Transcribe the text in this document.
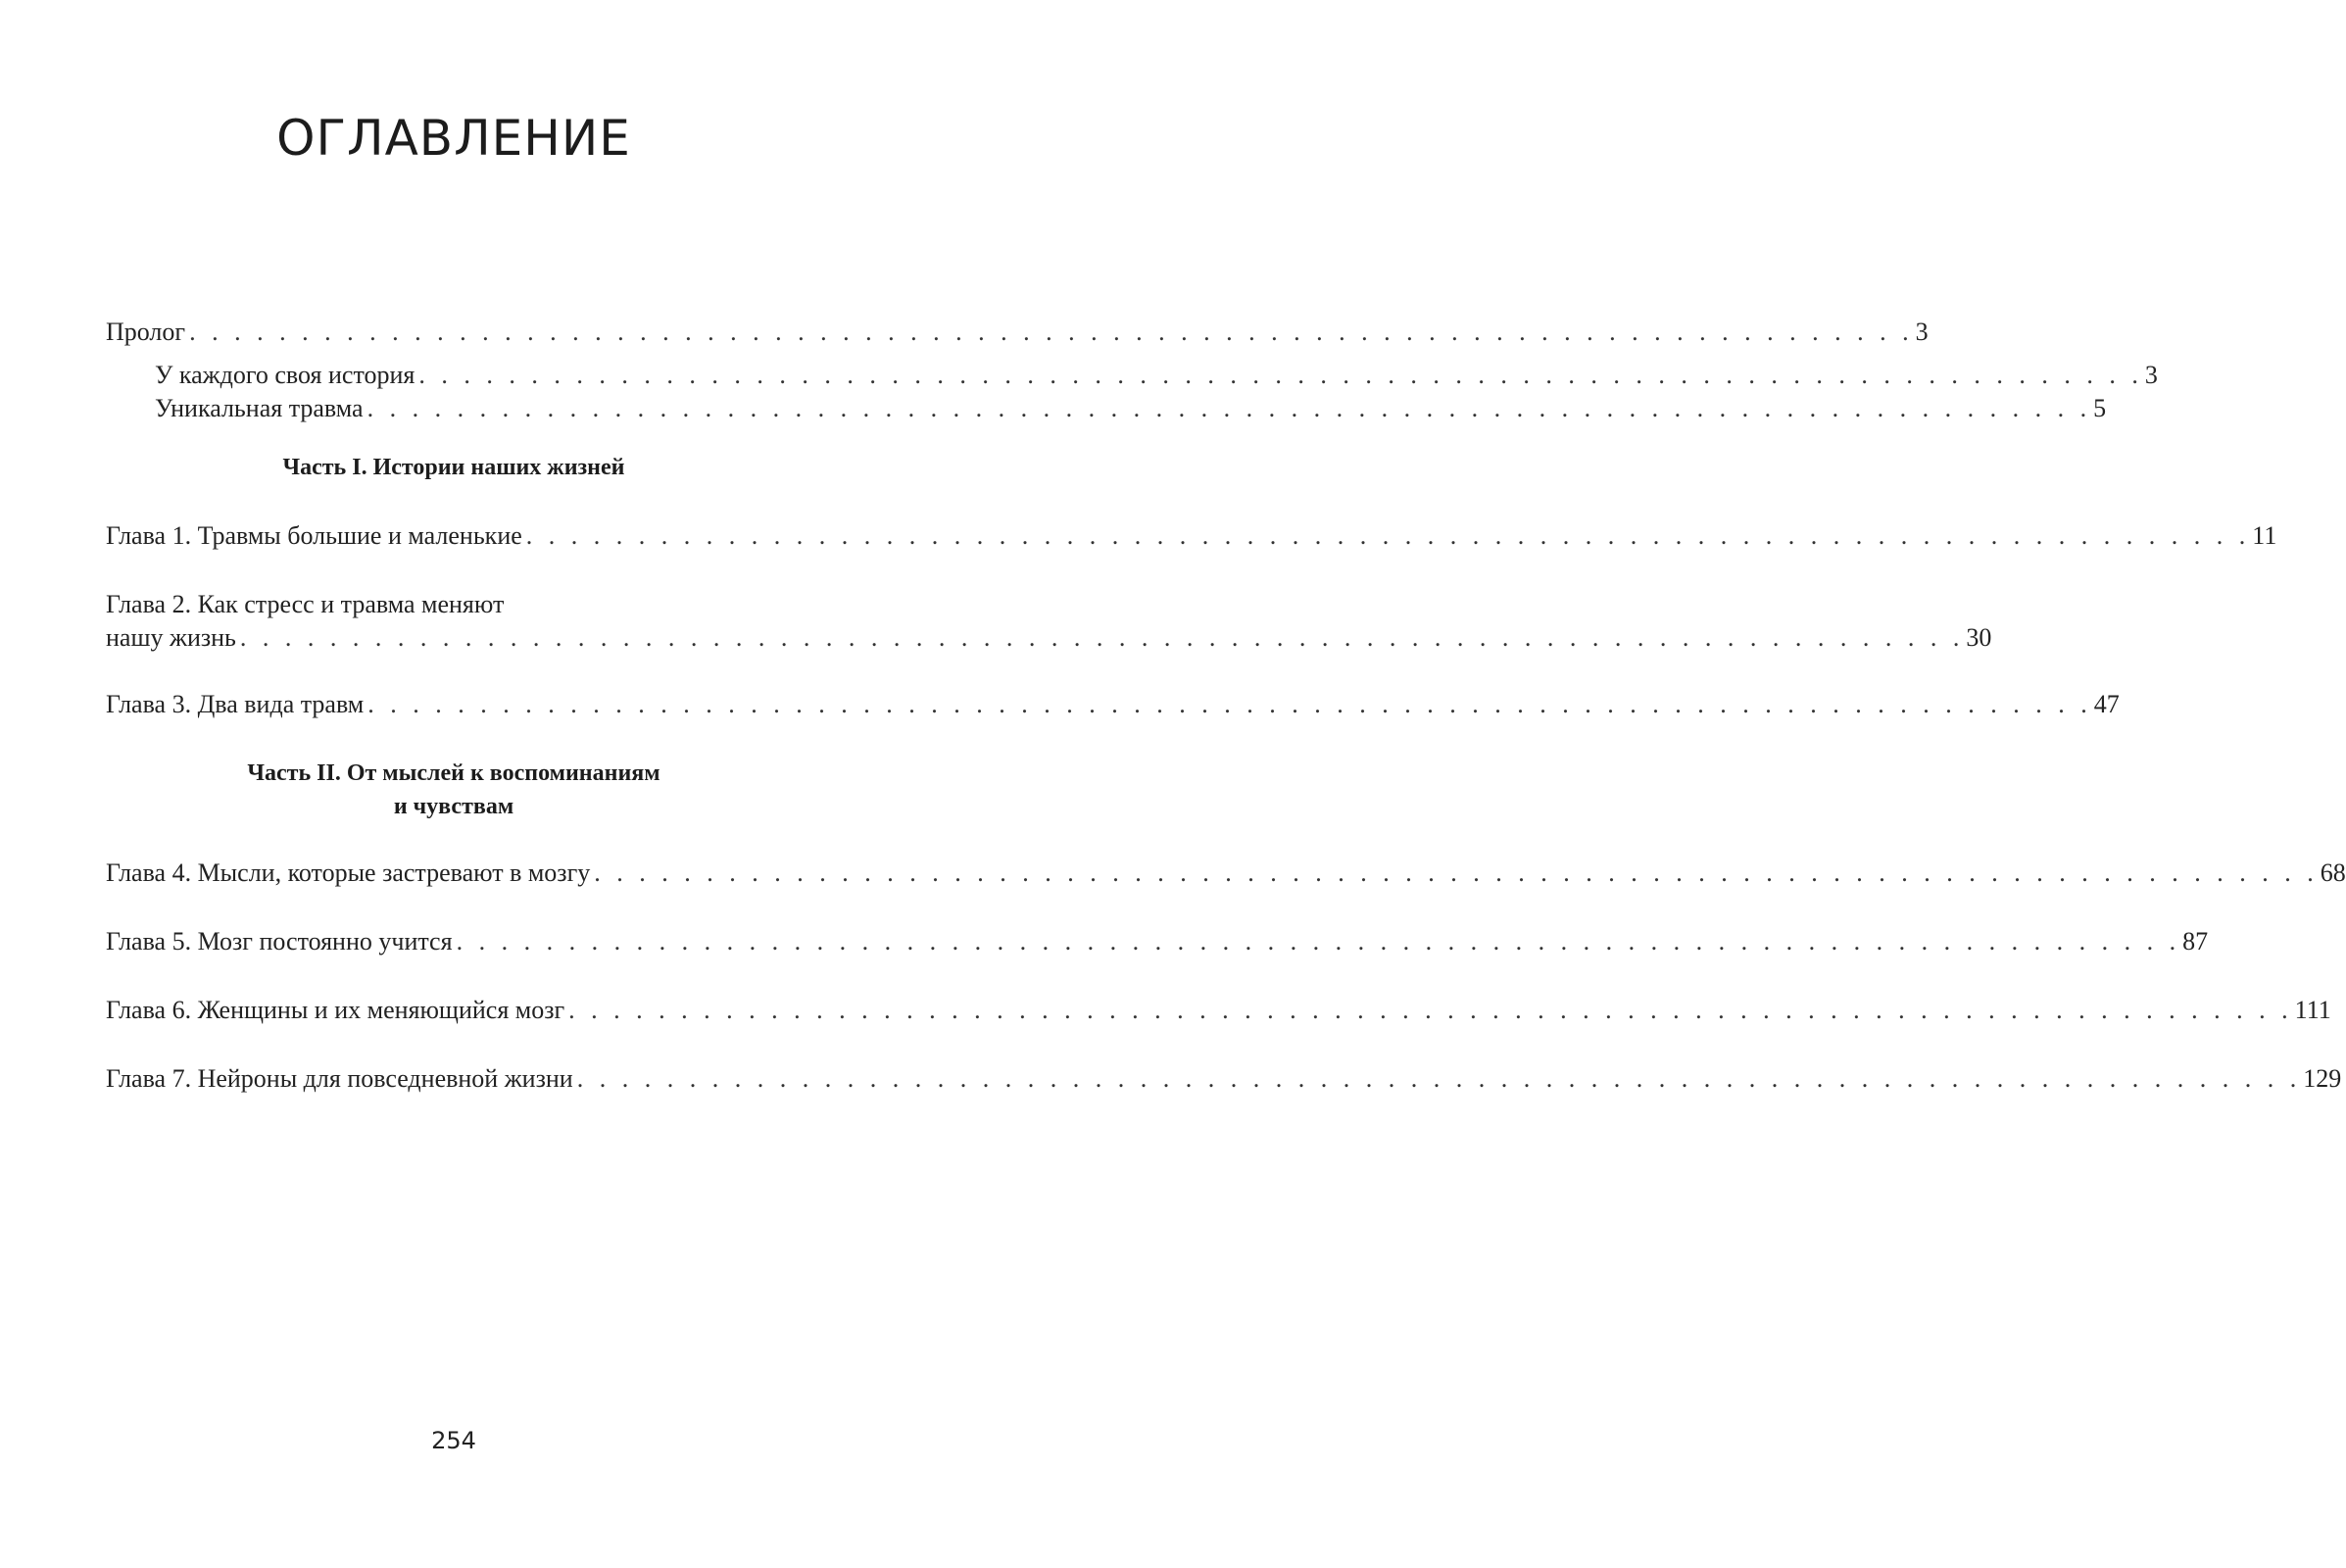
ОГЛАВЛЕНИЕ
Пролог . . . . . . . . . . . . . . . . . . . . . . . . . . . . . . . . . . . . . . . . . . . . . . . . . . . . . . . . . . . . . . . . . . . . . . . . . . . . . 3
У каждого своя история . . . . . . . . . . . . . . . . . . . . . . . . . . . . . . . . . . . . . . . . . . . . . . . . . . . . . . . . . . . . . . . . . . . . . . . . . . . . . 3
Уникальная травма . . . . . . . . . . . . . . . . . . . . . . . . . . . . . . . . . . . . . . . . . . . . . . . . . . . . . . . . . . . . . . . . . . . . . . . . . . . . . 5
Часть I. Истории наших жизней
Глава 1. Травмы большие и маленькие . . . . . . . . . . . . . . . . . . . . . . . . . . . . . . . . . . . . . . . . . . . . . . . . . . . . . . . . . . . . . . . . . . . . . . . . . . . . . 11
Глава 2. Как стресс и травма меняют
нашу жизнь . . . . . . . . . . . . . . . . . . . . . . . . . . . . . . . . . . . . . . . . . . . . . . . . . . . . . . . . . . . . . . . . . . . . . . . . . . . . . 30
Глава 3. Два вида травм . . . . . . . . . . . . . . . . . . . . . . . . . . . . . . . . . . . . . . . . . . . . . . . . . . . . . . . . . . . . . . . . . . . . . . . . . . . . . 47
Часть II. От мыслей к воспоминаниям
и чувствам
Глава 4. Мысли, которые застревают в мозгу . . . . . . . . . . . . . . . . . . . . . . . . . . . . . . . . . . . . . . . . . . . . . . . . . . . . . . . . . . . . . . . . . . . . . . . . . . . . . 68
Глава 5. Мозг постоянно учится . . . . . . . . . . . . . . . . . . . . . . . . . . . . . . . . . . . . . . . . . . . . . . . . . . . . . . . . . . . . . . . . . . . . . . . . . . . . . 87
Глава 6. Женщины и их меняющийся мозг . . . . . . . . . . . . . . . . . . . . . . . . . . . . . . . . . . . . . . . . . . . . . . . . . . . . . . . . . . . . . . . . . . . . . . . . . . . . . 111
Глава 7. Нейроны для повседневной жизни . . . . . . . . . . . . . . . . . . . . . . . . . . . . . . . . . . . . . . . . . . . . . . . . . . . . . . . . . . . . . . . . . . . . . . . . . . . . . 129
254
